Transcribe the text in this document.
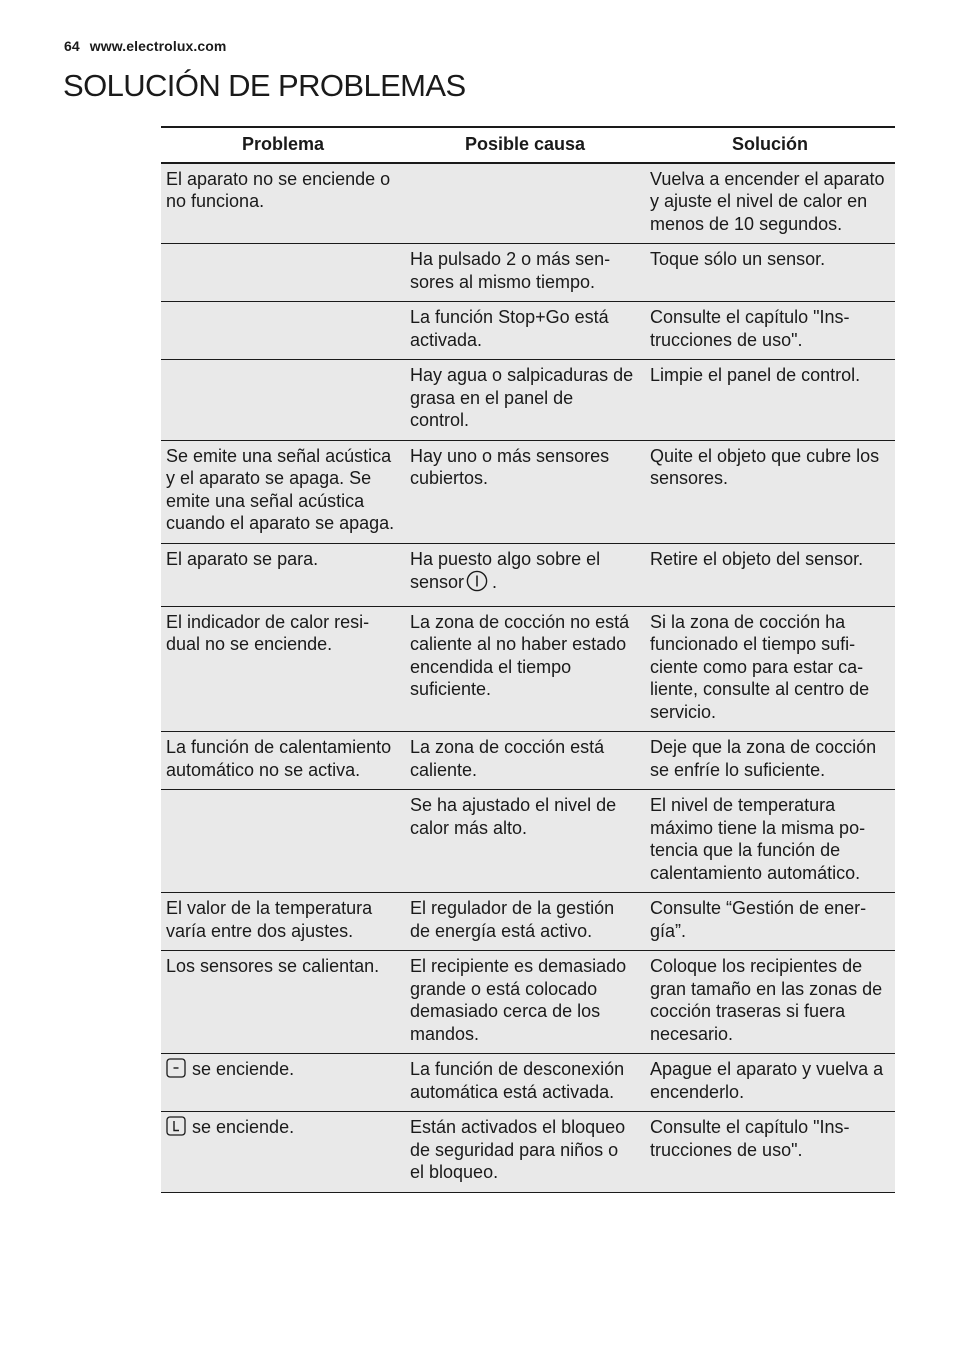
64 www.electrolux.com
SOLUCIÓN DE PROBLEMAS
Problema	Posible causa	Solución
El aparato no se enciende o no funciona.		Vuelva a encender el aparato y ajuste el nivel de calor en menos de 10 segundos.
	Ha pulsado 2 o más sensores al mismo tiempo.	Toque sólo un sensor.
	La función Stop+Go está activada.	Consulte el capítulo "Instrucciones de uso".
	Hay agua o salpicaduras de grasa en el panel de control.	Limpie el panel de control.
Se emite una señal acústica y el aparato se apaga. Se emite una señal acústica cuando el aparato se apaga.	Hay uno o más sensores cubiertos.	Quite el objeto que cubre los sensores.
El aparato se para.	Ha puesto algo sobre el sensor .	Retire el objeto del sensor.
El indicador de calor residual no se enciende.	La zona de cocción no está caliente al no haber estado encendida el tiempo suficiente.	Si la zona de cocción ha funcionado el tiempo suficiente como para estar caliente, consulte al centro de servicio.
La función de calentamiento automático no se activa.	La zona de cocción está caliente.	Deje que la zona de cocción se enfríe lo suficiente.
	Se ha ajustado el nivel de calor más alto.	El nivel de temperatura máximo tiene la misma potencia que la función de calentamiento automático.
El valor de la temperatura varía entre dos ajustes.	El regulador de la gestión de energía está activo.	Consulte “Gestión de energía”.
Los sensores se calientan.	El recipiente es demasiado grande o está colocado demasiado cerca de los mandos.	Coloque los recipientes de gran tamaño en las zonas de cocción traseras si fuera necesario.
se enciende.	La función de desconexión automática está activada.	Apague el aparato y vuelva a encenderlo.
se enciende.	Están activados el bloqueo de seguridad para niños o el bloqueo.	Consulte el capítulo "Instrucciones de uso".
